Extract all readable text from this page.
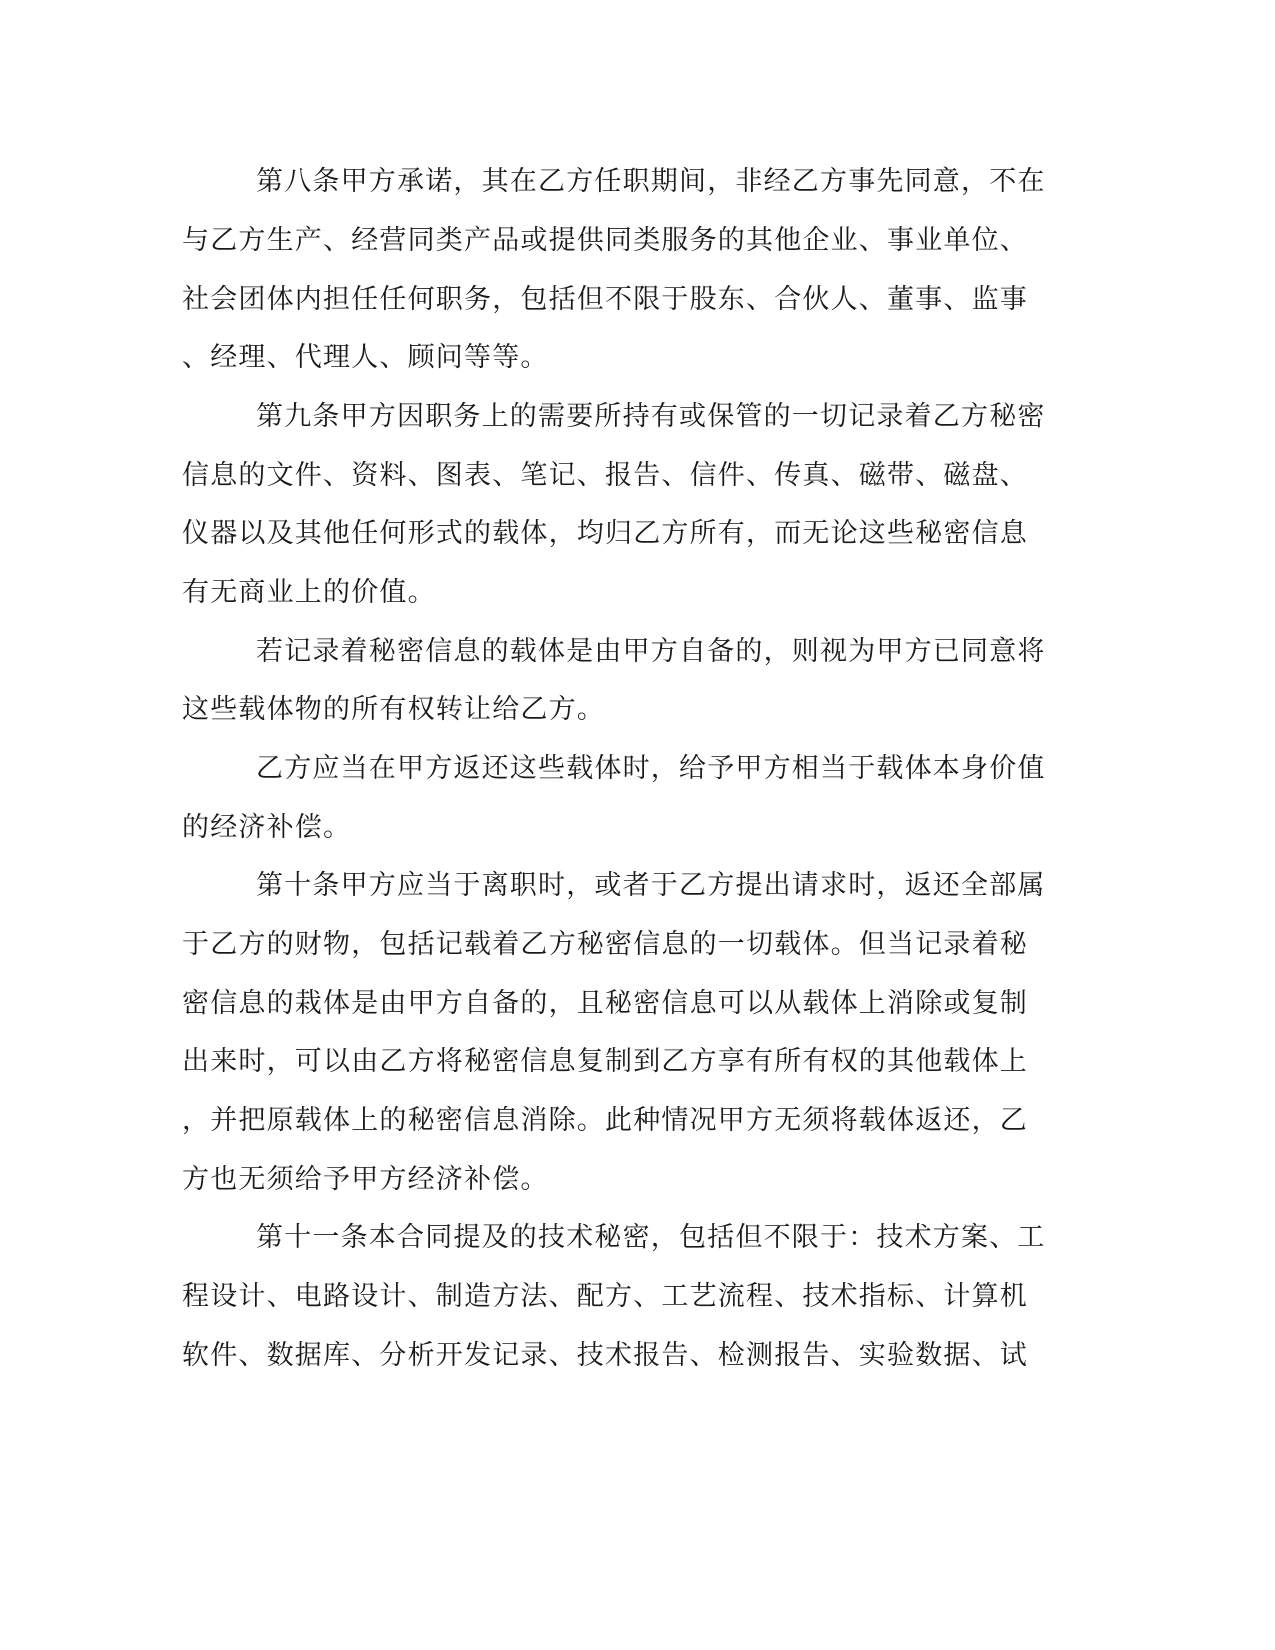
第八条甲方承诺，其在乙方任职期间，非经乙方事先同意，不在
与乙方生产、经营同类产品或提供同类服务的其他企业、事业单位、
社会团体内担任任何职务，包括但不限于股东、合伙人、董事、监事
、经理、代理人、顾问等等。
第九条甲方因职务上的需要所持有或保管的一切记录着乙方秘密
信息的文件、资料、图表、笔记、报告、信件、传真、磁带、磁盘、
仪器以及其他任何形式的载体，均归乙方所有，而无论这些秘密信息
有无商业上的价值。
若记录着秘密信息的载体是由甲方自备的，则视为甲方已同意将
这些载体物的所有权转让给乙方。
乙方应当在甲方返还这些载体时，给予甲方相当于载体本身价值
的经济补偿。
第十条甲方应当于离职时，或者于乙方提出请求时，返还全部属
于乙方的财物，包括记载着乙方秘密信息的一切载体。但当记录着秘
密信息的栽体是由甲方自备的，且秘密信息可以从载体上消除或复制
出来时，可以由乙方将秘密信息复制到乙方享有所有权的其他载体上
，并把原载体上的秘密信息消除。此种情况甲方无须将载体返还，乙
方也无须给予甲方经济补偿。
第十一条本合同提及的技术秘密，包括但不限于：技术方案、工
程设计、电路设计、制造方法、配方、工艺流程、技术指标、计算机
软件、数据库、分析开发记录、技术报告、检测报告、实验数据、试
